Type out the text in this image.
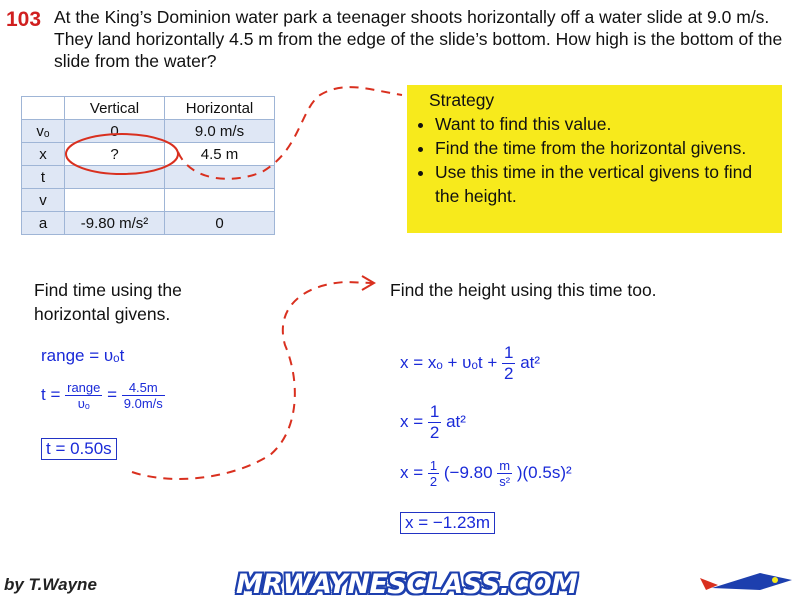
103 At the King’s Dominion water park a teenager shoots horizontally off a water slide at 9.0 m/s. They land horizontally 4.5 m from the edge of the slide’s bottom. How high is the bottom of the slide from the water?
	Vertical	Horizontal
vₒ	0	9.0 m/s
x	?	4.5 m
t		
v		
a	-9.80 m/s²	0
Strategy
• Want to find this value.
• Find the time from the horizontal givens.
• Use this time in the vertical givens to find the height.
Find time using the horizontal givens.
range = υₒt
$t = \frac{\text{range}}{\text{υₒ}} = \frac{4.5m}{9.0m/s}$
t = 0.50s
Find the height using this time too.
$x = x_o + \upsilon_ot + \frac{1}{2} at^2$
$x = \frac{1}{2} at^2$
$x = \frac{1}{2} (-9.80 \frac{m}{\text{s²}} )(0.5s)^2$
x = −1.23m
by T.Wayne	MRWAYNESCLASS.COM
